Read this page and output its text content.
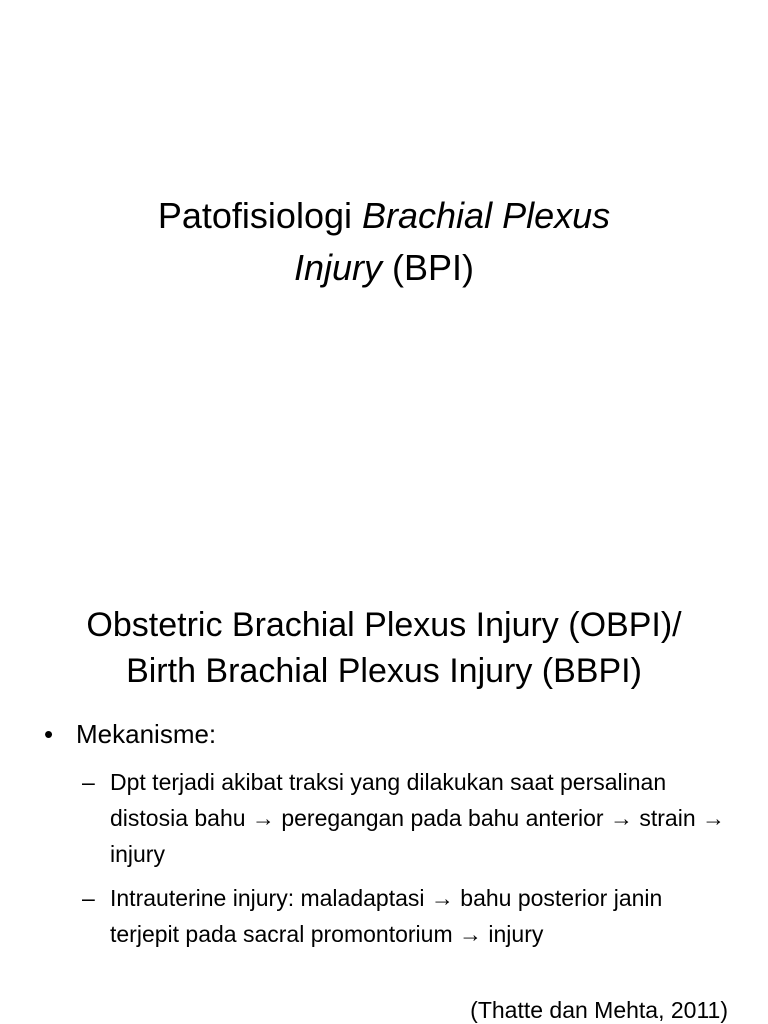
Patofisiologi Brachial Plexus
Injury (BPI)
Obstetric Brachial Plexus Injury (OBPI)/
Birth Brachial Plexus Injury (BBPI)
• Mekanisme:
– Dpt terjadi akibat traksi yang dilakukan saat persalinan distosia bahu → peregangan pada bahu anterior → strain → injury
– Intrauterine injury: maladaptasi → bahu posterior janin terjepit pada sacral promontorium → injury
(Thatte dan Mehta, 2011)
